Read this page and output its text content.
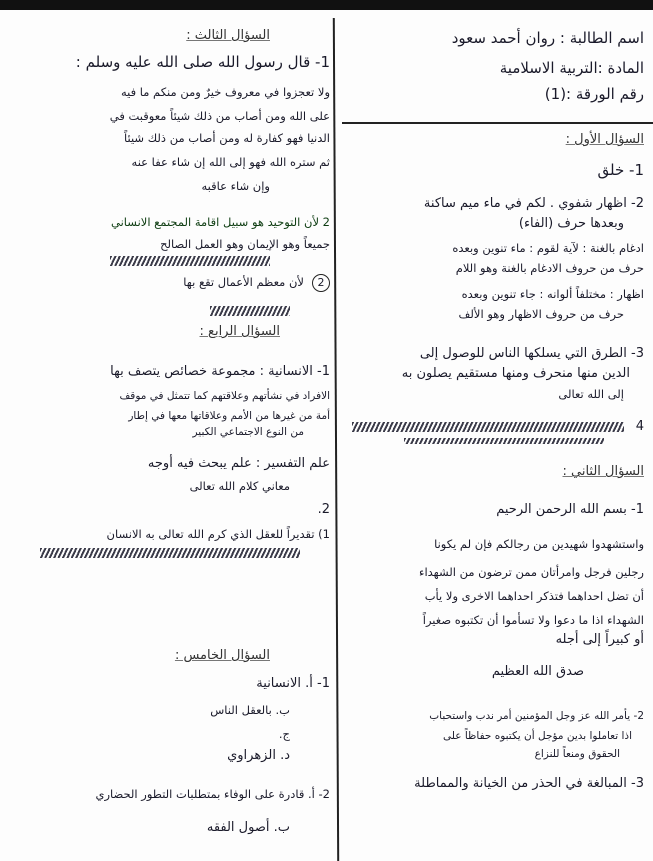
اسم الطالبة : روان أحمد سعود
المادة :التربية الاسلامية
رقم الورقة :(1)
السؤال الأول :
1- خلق
2- اظهار شفوي . لكم في ماء ميم ساكنة
وبعدها حرف (الفاء)
ادغام بالغنة : لآية لقوم : ماء تنوين وبعده
حرف من حروف الادغام بالغنة وهو اللام
اظهار : مختلفاً ألوانه : جاء تنوين وبعده
حرف من حروف الاظهار وهو الألف
3- الطرق التي يسلكها الناس للوصول إلى
الدين منها منحرف ومنها مستقيم يصلون به
إلى الله تعالى
4
السؤال الثاني :
1- بسم الله الرحمن الرحيم
واستشهدوا شهيدين من رجالكم فإن لم يكونا
رجلين فرجل وامرأتان ممن ترضون من الشهداء
أن تضل احداهما فتذكر احداهما الاخرى ولا يأب
الشهداء اذا ما دعوا ولا تسأموا أن تكتبوه صغيراً
أو كبيراً إلى أجله
صدق الله العظيم
2- يأمر الله عز وجل المؤمنين أمر ندب واستحباب
اذا تعاملوا بدين مؤجل أن يكتبوه حفاظاً على
الحقوق ومنعاً للنزاع
3- المبالغة في الحذر من الخيانة والمماطلة
السؤال الثالث :
1- قال رسول الله صلى الله عليه وسلم :
ولا تعجزوا في معروف خيرٌ ومن منكم ما فيه
على الله ومن أصاب من ذلك شيئاً معوقبت في
الدنيا فهو كفارة له ومن أصاب من ذلك شيئاً
ثم ستره الله فهو إلى الله إن شاء عفا عنه
وإن شاء عاقبه
2 لأن التوحيد هو سبيل اقامة المجتمع الانساني
جميعاً وهو الإيمان وهو العمل الصالح
لأن معظم الأعمال تقع بها	2
السؤال الرابع :
1- الانسانية : مجموعة خصائص يتصف بها
الافراد في نشأتهم وعلاقتهم كما تتمثل في موقف
أمة من غيرها من الأمم وعلاقاتها معها في إطار
من النوع الاجتماعي الكبير
علم التفسير : علم يبحث فيه أوجه
معاني كلام الله تعالى
2.
1) تقديراً للعقل الذي كرم الله تعالى به الانسان
السؤال الخامس :
1- أ. الانسانية
ب. بالعقل الناس
ج.
د. الزهراوي
2- أ. قادرة على الوفاء بمتطلبات التطور الحضاري
ب. أصول الفقه
